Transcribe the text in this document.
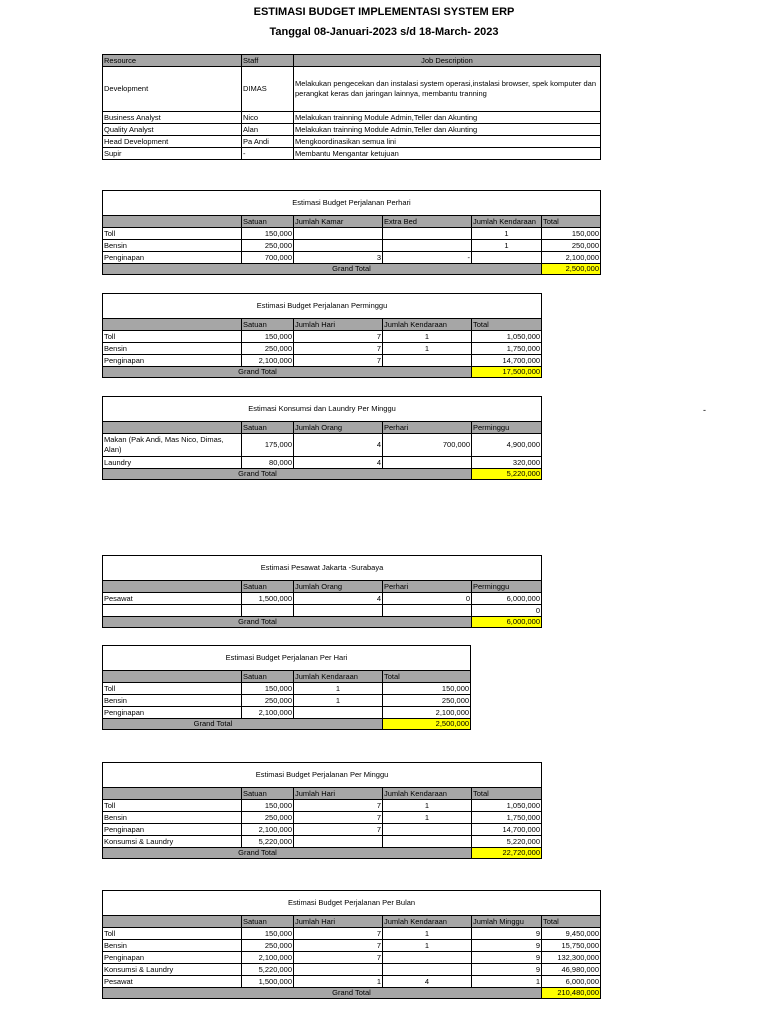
ESTIMASI BUDGET IMPLEMENTASI SYSTEM ERP
Tanggal 08-Januari-2023 s/d 18-March- 2023
-
Resource	Staff	Job Description
Development	DIMAS	Melakukan pengecekan dan instalasi system operasi,instalasi browser, spek komputer dan perangkat keras dan jaringan lainnya, membantu tranning
Business Analyst	Nico	Melakukan trainning Module Admin,Teller dan Akunting
Quality Analyst	Alan	Melakukan trainning Module Admin,Teller dan Akunting
Head Development	Pa Andi	Mengkoordinasikan semua lini
Supir	-	Membantu Mengantar ketujuan
Estimasi Budget Perjalanan Perhari					
	Satuan	Jumlah Kamar	Extra Bed	Jumlah Kendaraan	Total
Toll	150,000			1	150,000
Bensin	250,000			1	250,000
Penginapan	700,000	3	-		2,100,000
Grand Total					2,500,000
Estimasi Budget Perjalanan Perminggu				
	Satuan	Jumlah Hari	Jumlah Kendaraan	Total
Toll	150,000	7	1	1,050,000
Bensin	250,000	7	1	1,750,000
Penginapan	2,100,000	7		14,700,000
Grand Total				17,500,000
Estimasi Konsumsi dan Laundry Per Minggu				
	Satuan	Jumlah Orang	Perhari	Perminggu
Makan (Pak Andi, Mas Nico, Dimas, Alan)	175,000	4	700,000	4,900,000
Laundry	80,000	4		320,000
Grand Total				5,220,000
Estimasi Pesawat Jakarta -Surabaya				
	Satuan	Jumlah Orang	Perhari	Perminggu
Pesawat	1,500,000	4	0	6,000,000
				0
Grand Total				6,000,000
Estimasi Budget Perjalanan Per Hari			
	Satuan	Jumlah Kendaraan	Total
Toll	150,000	1	150,000
Bensin	250,000	1	250,000
Penginapan	2,100,000		2,100,000
Grand Total			2,500,000
Estimasi Budget Perjalanan Per Minggu				
	Satuan	Jumlah Hari	Jumlah Kendaraan	Total
Toll	150,000	7	1	1,050,000
Bensin	250,000	7	1	1,750,000
Penginapan	2,100,000	7		14,700,000
Konsumsi & Laundry	5,220,000			5,220,000
Grand Total				22,720,000
Estimasi Budget Perjalanan Per Bulan					
	Satuan	Jumlah Hari	Jumlah Kendaraan	Jumlah Minggu	Total
Toll	150,000	7	1	9	9,450,000
Bensin	250,000	7	1	9	15,750,000
Penginapan	2,100,000	7		9	132,300,000
Konsumsi & Laundry	5,220,000			9	46,980,000
Pesawat	1,500,000	1	4	1	6,000,000
Grand Total					210,480,000
